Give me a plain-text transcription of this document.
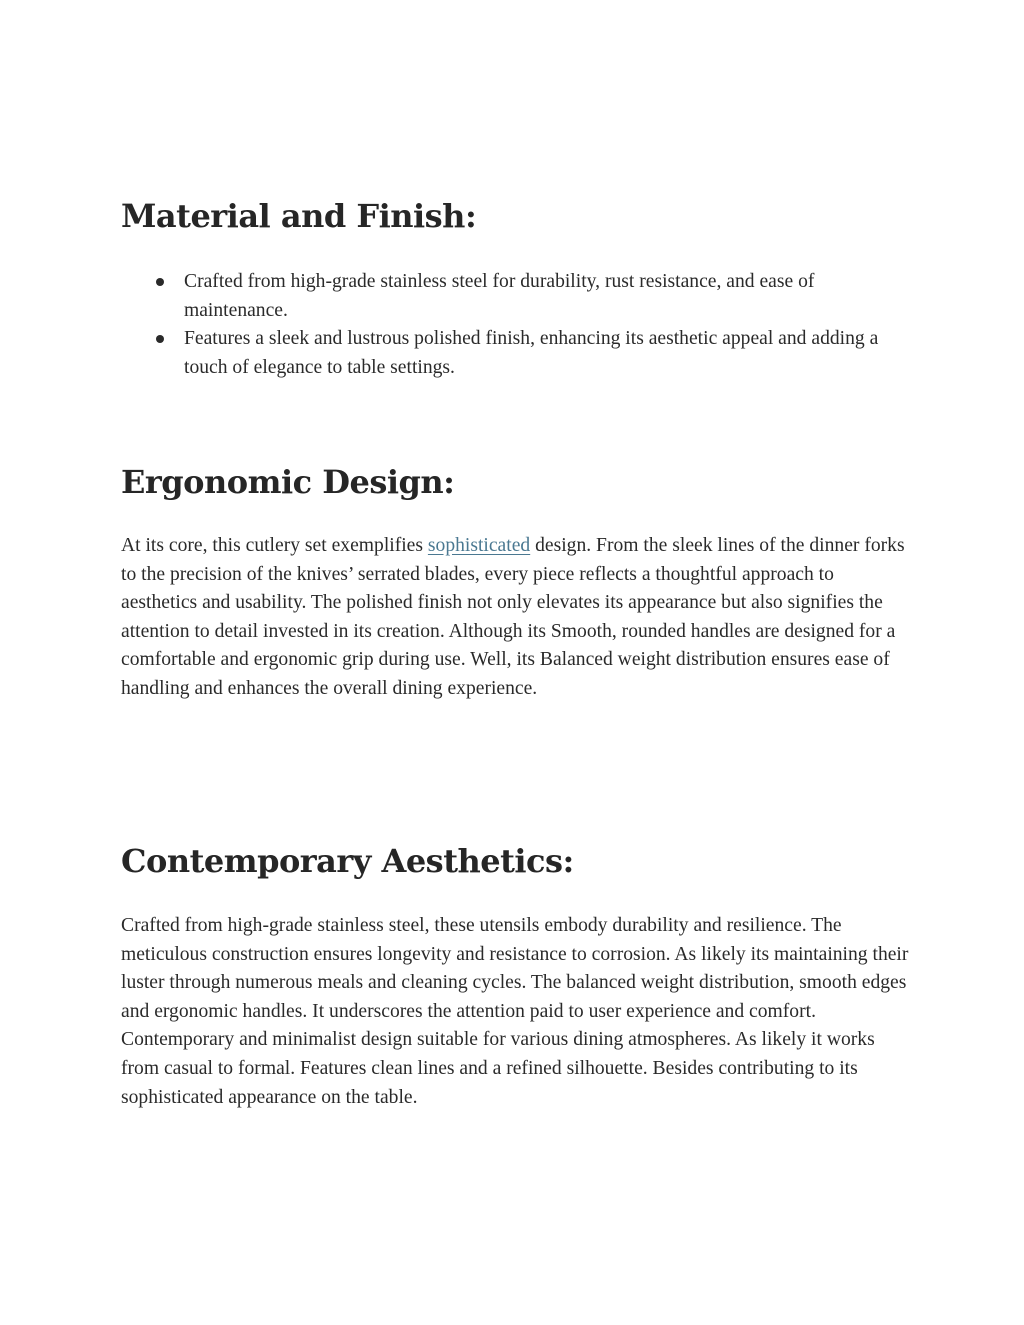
Material and Finish:
Crafted from high-grade stainless steel for durability, rust resistance, and ease of maintenance.
Features a sleek and lustrous polished finish, enhancing its aesthetic appeal and adding a touch of elegance to table settings.
Ergonomic Design:

At its core, this cutlery set exemplifies sophisticated design. From the sleek lines of the dinner forks to the precision of the knives’ serrated blades, every piece reflects a thoughtful approach to aesthetics and usability. The polished finish not only elevates its appearance but also signifies the attention to detail invested in its creation. Although its Smooth, rounded handles are designed for a comfortable and ergonomic grip during use. Well, its Balanced weight distribution ensures ease of handling and enhances the overall dining experience.

Contemporary Aesthetics:

Crafted from high-grade stainless steel, these utensils embody durability and resilience. The meticulous construction ensures longevity and resistance to corrosion. As likely its maintaining their luster through numerous meals and cleaning cycles. The balanced weight distribution, smooth edges and ergonomic handles. It underscores the attention paid to user experience and comfort. Contemporary and minimalist design suitable for various dining atmospheres. As likely it works from casual to formal. Features clean lines and a refined silhouette. Besides contributing to its sophisticated appearance on the table.
